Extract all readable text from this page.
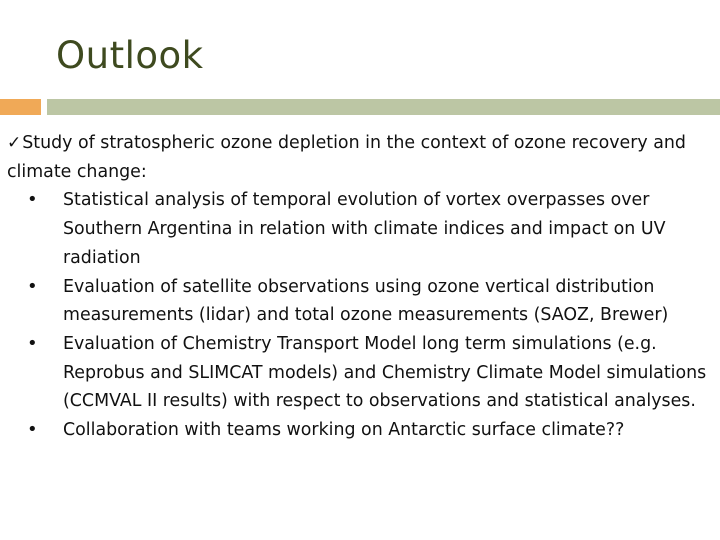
Outlook

✓Study of stratospheric ozone depletion in the context of ozone recovery and climate change:

• Statistical analysis of temporal evolution of vortex overpasses over Southern Argentina in relation with climate indices and impact on UV radiation
• Evaluation of satellite observations using ozone vertical distribution measurements (lidar) and total ozone measurements (SAOZ, Brewer)
• Evaluation of Chemistry Transport Model long term simulations (e.g. Reprobus and SLIMCAT models) and Chemistry Climate Model simulations (CCMVAL II results) with respect to observations and statistical analyses.
• Collaboration with teams working on Antarctic surface climate??
